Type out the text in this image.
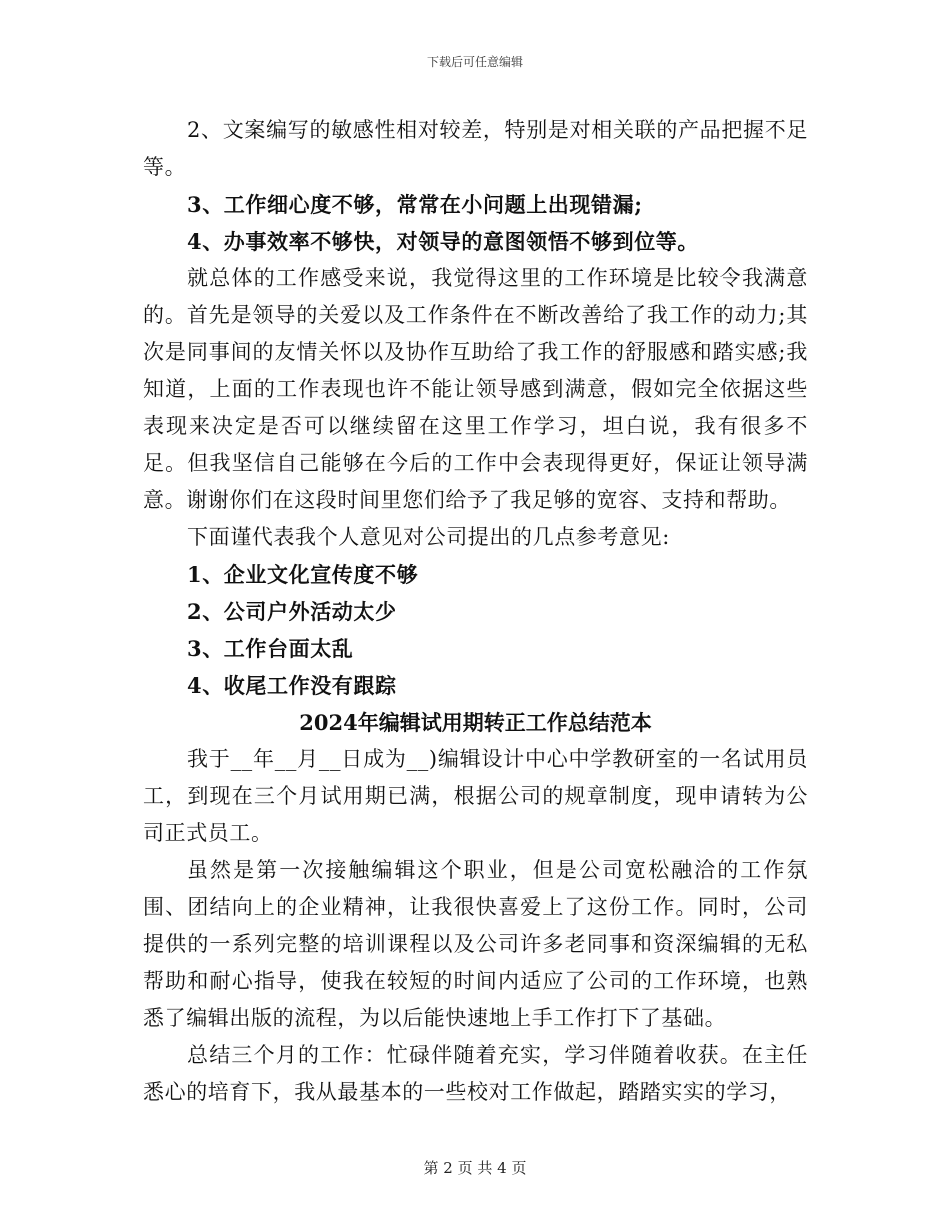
下载后可任意编辑

2、文案编写的敏感性相对较差，特别是对相关联的产品把握不足等。

3、工作细心度不够，常常在小问题上出现错漏;

4、办事效率不够快，对领导的意图领悟不够到位等。

就总体的工作感受来说，我觉得这里的工作环境是比较令我满意的。首先是领导的关爱以及工作条件在不断改善给了我工作的动力;其次是同事间的友情关怀以及协作互助给了我工作的舒服感和踏实感;我知道，上面的工作表现也许不能让领导感到满意，假如完全依据这些表现来决定是否可以继续留在这里工作学习，坦白说，我有很多不足。但我坚信自己能够在今后的工作中会表现得更好，保证让领导满意。谢谢你们在这段时间里您们给予了我足够的宽容、支持和帮助。

下面谨代表我个人意见对公司提出的几点参考意见:

1、企业文化宣传度不够

2、公司户外活动太少

3、工作台面太乱

4、收尾工作没有跟踪

2024年编辑试用期转正工作总结范本

我于__年__月__日成为__)编辑设计中心中学教研室的一名试用员工，到现在三个月试用期已满，根据公司的规章制度，现申请转为公司正式员工。

虽然是第一次接触编辑这个职业，但是公司宽松融洽的工作氛围、团结向上的企业精神，让我很快喜爱上了这份工作。同时，公司提供的一系列完整的培训课程以及公司许多老同事和资深编辑的无私帮助和耐心指导，使我在较短的时间内适应了公司的工作环境，也熟悉了编辑出版的流程，为以后能快速地上手工作打下了基础。

总结三个月的工作：忙碌伴随着充实，学习伴随着收获。在主任悉心的培育下，我从最基本的一些校对工作做起，踏踏实实的学习，

第 2 页 共 4 页
